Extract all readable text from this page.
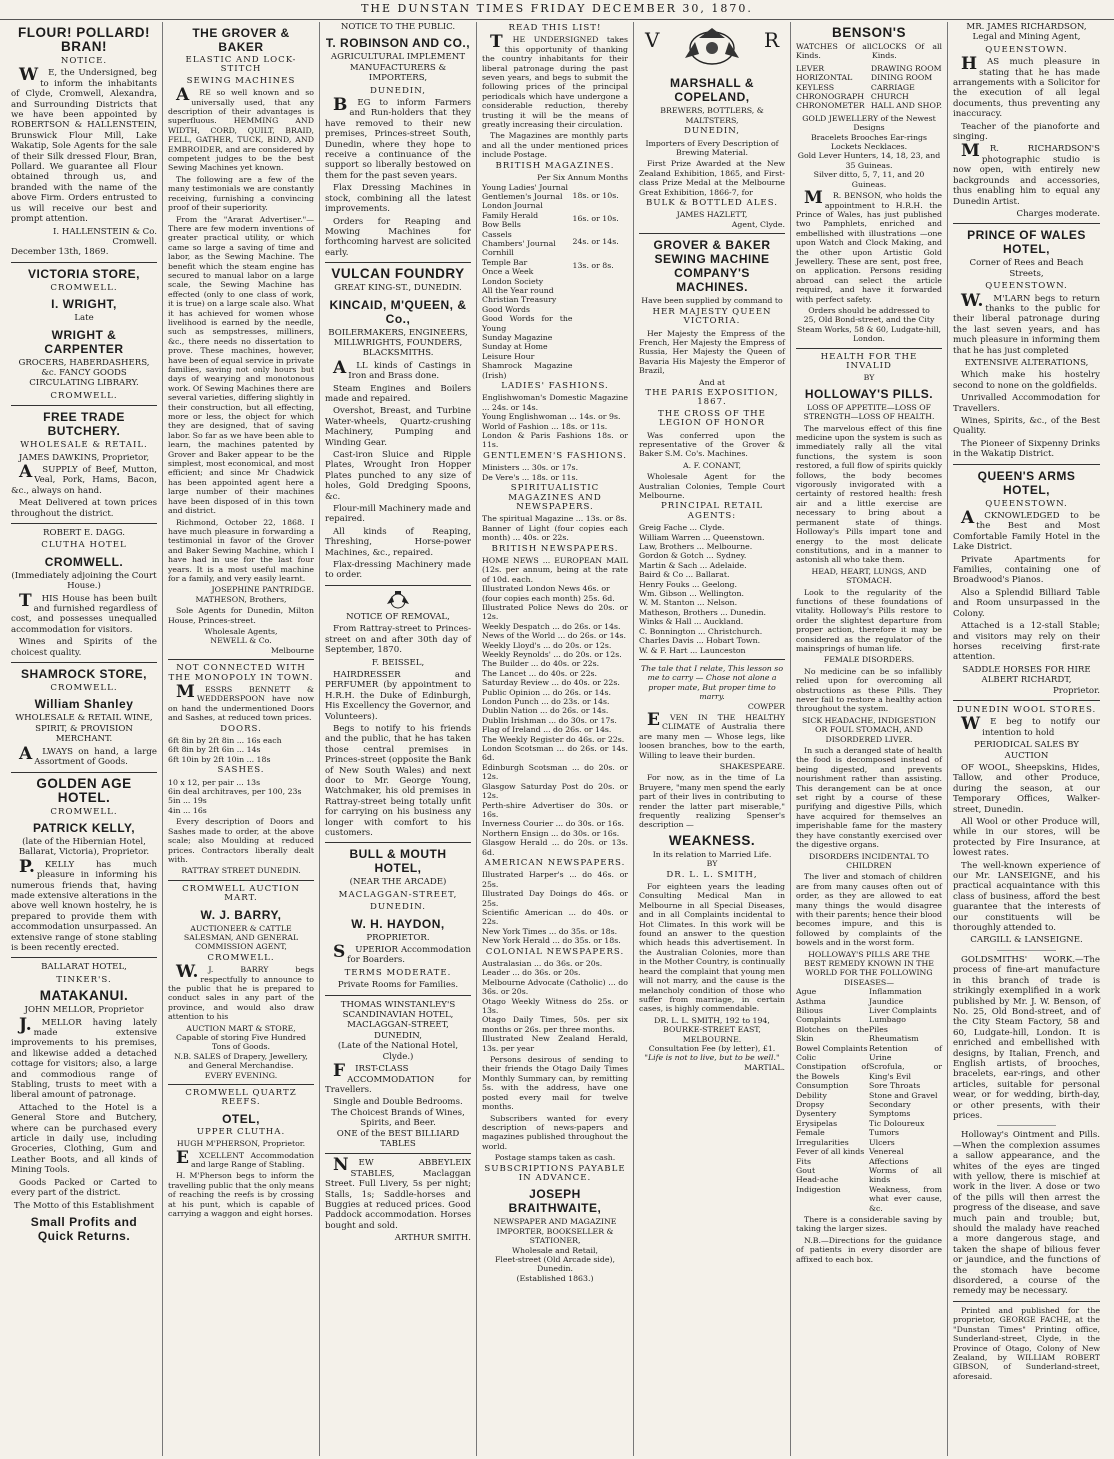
THE DUNSTAN TIMES FRIDAY DECEMBER 30, 1870.
FLOUR! POLLARD! BRAN!
NOTICE.

WE, the Undersigned, beg to inform the inhabitants of Clyde, Cromwell, Alexandra, and Surrounding Districts that we have been appointed by ROBERTSON & HALLENSTEIN, Brunswick Flour Mill, Lake Wakatip, Sole Agents for the sale of their Silk dressed Flour, Bran, Pollard. We guarantee all Flour obtained through us, and branded with the name of the above Firm. Orders entrusted to us will receive our best and prompt attention.

I. HALLENSTEIN & Co. Cromwell.
December 13th, 1869.
VICTORIA STORE,
CROMWELL.
I. WRIGHT,
Late
WRIGHT & CARPENTER
GROCERS, HABERDASHERS, &c. FANCY GOODS
CIRCULATING LIBRARY.
CROMWELL.
FREE TRADE BUTCHERY.
WHOLESALE & RETAIL.
JAMES DAWKINS, Proprietor,

ASUPPLY of Beef, Mutton, Veal, Pork, Hams, Bacon, &c., always on hand.

Meat Delivered at town prices throughout the district.

ROBERT E. DAGG.
CLUTHA HOTEL
CROMWELL.
(Immediately adjoining the Court House.)

THIS House has been built and furnished regardless of cost, and possesses unequalled accommodation for visitors.

Wines and Spirits of the choicest quality.

SHAMROCK STORE,
CROMWELL.
William Shanley
WHOLESALE & RETAIL WINE, SPIRIT, & PROVISION MERCHANT.

ALWAYS on hand, a large Assortment of Goods.

GOLDEN AGE HOTEL.
CROMWELL.
PATRICK KELLY,
(late of the Hibernian Hotel, Ballarat, Victoria), Proprietor.

P.KELLY has much pleasure in informing his numerous friends that, having made extensive alterations in the above well known hostelry, he is prepared to provide them with accommodation unsurpassed. An extensive range of stone stabling is been recently erected.

BALLARAT HOTEL,
TINKER'S.
MATAKANUI.
JOHN MELLOR, Proprietor

J.MELLOR having lately made extensive improvements to his premises, and likewise added a detached cottage for visitors; also, a large and commodious range of Stabling, trusts to meet with a liberal amount of patronage.

Attached to the Hotel is a General Store and Butchery, where can be purchased every article in daily use, including Groceries, Clothing, Gum and Leather Boots, and all kinds of Mining Tools.

Goods Packed or Carted to every part of the district.

The Motto of this Establishment
Small Profits and Quick Returns.
THE GROVER & BAKER
ELASTIC AND LOCK-STITCH
SEWING MACHINES

ARE so well known and so universally used, that any description of their advantages is superfluous. HEMMING AND WIDTH, CORD, QUILT, BRAID, FELL, GATHER, TUCK, BIND, AND EMBROIDER, and are considered by competent judges to be the best Sewing Machines yet known.

The following are a few of the many testimonials we are constantly receiving, furnishing a convincing proof of their superiority.

From the "Ararat Advertiser."—There are few modern inventions of greater practical utility, or which came so large a saving of time and labor, as the Sewing Machine. The benefit which the steam engine has secured to manual labor on a large scale, the Sewing Machine has effected (only to one class of work, it is true) on a large scale also. What it has achieved for women whose livelihood is earned by the needle, such as sempstresses, milliners, &c., there needs no dissertation to prove. These machines, however, have been of equal service in private families, saving not only hours but days of wearying and monotonous work. Of Sewing Machines there are several varieties, differing slightly in their construction, but all effecting, more or less, the object for which they are designed, that of saving labor. So far as we have been able to learn, the machines patented by Grover and Baker appear to be the simplest, most economical, and most efficient; and since Mr Chadwick has been appointed agent here a large number of their machines have been disposed of in this town and district.

Richmond, October 22, 1868. I have much pleasure in forwarding a testimonial in favor of the Grover and Baker Sewing Machine, which I have had in use for the last four years. It is a most useful machine for a family, and very easily learnt.

JOSEPHINE PANTRIDGE.
MATHESON, Brothers,

Sole Agents for Dunedin, Milton House, Princes-street.

Wholesale Agents,
NEWELL & Co.
Melbourne
NOT CONNECTED WITH THE MONOPOLY IN TOWN.

MESSRS BENNETT & WEDDERSPOON have now on hand the undermentioned Doors and Sashes, at reduced town prices.

DOORS.
6ft 8in by 2ft 8in ... 16s each
6ft 8in by 2ft 6in ... 14s
6ft 10in by 2ft 10in ... 18s
SASHES.
10 x 12, per pair ... 13s
6in deal architraves, per 100, 23s
5in ... 19s
4in ... 16s

Every description of Doors and Sashes made to order, at the above scale; also Moulding at reduced prices. Contractors liberally dealt with.

RATTRAY STREET DUNEDIN.
CROMWELL AUCTION MART.
W. J. BARRY,
AUCTIONEER & CATTLE SALESMAN, AND GENERAL COMMISSION AGENT,
CROMWELL.

W.J. BARRY begs respectfully to announce to the public that he is prepared to conduct sales in any part of the province, and would also draw attention to his

AUCTION MART & STORE,
Capable of storing Five Hundred Tons of Goods.
N.B. SALES of Drapery, Jewellery, and General Merchandise.
EVERY EVENING.
CROMWELL QUARTZ REEFS.
OTEL,
UPPER CLUTHA.
HUGH M'PHERSON, Proprietor.

EXCELLENT Accommodation and large Range of Stabling.

H. M'Pherson begs to inform the travelling public that the only means of reaching the reefs is by crossing at his punt, which is capable of carrying a waggon and eight horses.

NOTICE TO THE PUBLIC.
T. ROBINSON AND CO.,
AGRICULTURAL IMPLEMENT MANUFACTURERS & IMPORTERS,
DUNEDIN,

BEG to inform Farmers and Run-holders that they have removed to their new premises, Princes-street South, Dunedin, where they hope to receive a continuance of the support so liberally bestowed on them for the past seven years.

Flax Dressing Machines in stock, combining all the latest improvements.

Orders for Reaping and Mowing Machines for forthcoming harvest are solicited early.

VULCAN FOUNDRY
GREAT KING-ST., DUNEDIN.
KINCAID, M'QUEEN, & Co.,
BOILERMAKERS, ENGINEERS, MILLWRIGHTS, FOUNDERS, BLACKSMITHS.

ALL kinds of Castings in Iron and Brass done.

Steam Engines and Boilers made and repaired.

Overshot, Breast, and Turbine Water-wheels, Quartz-crushing Machinery, Pumping and Winding Gear.

Cast-iron Sluice and Ripple Plates, Wrought Iron Hopper Plates punched to any size of holes, Gold Dredging Spoons, &c.

Flour-mill Machinery made and repaired.

All kinds of Reaping, Threshing, Horse-power Machines, &c., repaired.

Flax-dressing Machinery made to order.

NOTICE OF REMOVAL,

From Rattray-street to Princes-street on and after 30th day of September, 1870.

F. BEISSEL,

HAIRDRESSER and PERFUMER (by appointment to H.R.H. the Duke of Edinburgh, His Excellency the Governor, and Volunteers).

Begs to notify to his friends and the public, that he has taken those central premises in Princes-street (opposite the Bank of New South Wales) and next door to Mr. George Young, Watchmaker, his old premises in Rattray-street being totally unfit for carrying on his business any longer with comfort to his customers.

BULL & MOUTH HOTEL,
(NEAR THE ARCADE)
MACLAGGAN-STREET,
DUNEDIN.
W. H. HAYDON,
PROPRIETOR.

SUPERIOR Accommodation for Boarders.

TERMS MODERATE.
Private Rooms for Families.
THOMAS WINSTANLEY'S
SCANDINAVIAN HOTEL,
MACLAGGAN-STREET, DUNEDIN,
(Late of the National Hotel, Clyde.)

FIRST-CLASS ACCOMMODATION for Travellers.

Single and Double Bedrooms.
The Choicest Brands of Wines, Spirits, and Beer.
ONE of the BEST BILLIARD TABLES

NEW ABBEYLEIX STABLES, Maclaggan Street. Full Livery, 5s per night; Stalls, 1s; Saddle-horses and Buggies at reduced prices. Good Paddock accommodation. Horses bought and sold.

ARTHUR SMITH.
READ THIS LIST!

THE UNDERSIGNED takes this opportunity of thanking the country inhabitants for their liberal patronage during the past seven years, and begs to submit the following prices of the principal periodicals which have undergone a considerable reduction, thereby trusting it will be the means of greatly increasing their circulation.

The Magazines are monthly parts and all the under mentioned prices include Postage.

BRITISH MAGAZINES.
Per Six Annum Months
Young Ladies' Journal
Gentlemen's Journal
London Journal
Family Herald
Bow Bells
Cassels
Chambers' Journal
Cornhill
Temple Bar
Once a Week
London Society
All the Year round
Christian Treasury
Good Words
Good Words for the Young
Sunday Magazine
Sunday at Home
Leisure Hour
Shamrock Magazine (Irish)
18s. or 10s.
16s. or 10s.
24s. or 14s.
13s. or 8s.
LADIES' FASHIONS.
Englishwoman's Domestic Magazine ... 24s. or 14s.
Young Englishwoman ... 14s. or 9s.
World of Fashion ... 18s. or 11s.
London & Paris Fashions 18s. or 11s.
GENTLEMEN'S FASHIONS.
Ministers ... 30s. or 17s.
De Vere's ... 18s. or 11s.
SPIRITUALISTIC MAGAZINES AND NEWSPAPERS.
The spiritual Magazine ... 13s. or 8s.
Banner of Light (four copies each month) ... 40s. or 22s.
BRITISH NEWSPAPERS.
HOME NEWS ... EUROPEAN MAIL (12s. per annum, being at the rate of 10d. each.
Illustrated London News 46s. or
(four copies each month) 25s. 6d.
Illustrated Police News do 20s. or 12s.
Weekly Despatch ... do 26s. or 14s.
News of the World ... do 26s. or 14s.
Weekly Lloyd's ... do 20s. or 12s.
Weekly Reynolds' ... do 20s. or 12s.
The Builder ... do 40s. or 22s.
The Lancet ... do 40s. or 22s.
Saturday Review ... do 40s. or 22s.
Public Opinion ... do 26s. or 14s.
London Punch ... do 23s. or 14s.
Dublin Nation ... do 26s. or 14s.
Dublin Irishman ... do 30s. or 17s.
Flag of Ireland ... do 26s. or 14s.
The Weekly Register do 46s. or 22s.
London Scotsman ... do 26s. or 14s. 6d.
Edinburgh Scotsman ... do 20s. or 12s.
Glasgow Saturday Post do 20s. or 12s.
Perth-shire Advertiser do 30s. or 16s.
Inverness Courier ... do 30s. or 16s.
Northern Ensign ... do 30s. or 16s.
Glasgow Herald ... do 20s. or 13s. 6d.
AMERICAN NEWSPAPERS.
Illustrated Harper's ... do 46s. or 25s.
Illustrated Day Doings do 46s. or 25s.
Scientific American ... do 40s. or 22s.
New York Times ... do 35s. or 18s.
New York Herald ... do 35s. or 18s.
COLONIAL NEWSPAPERS.
Australasian ... do 36s. or 20s.
Leader ... do 36s. or 20s.
Melbourne Advocate (Catholic) ... do 36s. or 20s.
Otago Weekly Witness do 25s. or 13s.
Otago Daily Times, 50s. per six months or 26s. per three months.
Illustrated New Zealand Herald, 13s. per year

Persons desirous of sending to their friends the Otago Daily Times Monthly Summary can, by remitting 5s. with the address, have one posted every mail for twelve months.

Subscribers wanted for every description of news-papers and magazines published throughout the world.

Postage stamps taken as cash.
SUBSCRIPTIONS PAYABLE IN ADVANCE.
JOSEPH BRAITHWAITE,
NEWSPAPER AND MAGAZINE IMPORTER, BOOKSELLER & STATIONER,
Wholesale and Retail,
Fleet-street (Old Arcade side),
Dunedin.
(Established 1863.)
V	R
MARSHALL & COPELAND,
BREWERS, BOTTLERS, & MALTSTERS,
DUNEDIN,
Importers of Every Description of Brewing Material.

First Prize Awarded at the New Zealand Exhibition, 1865, and First-class Prize Medal at the Melbourne Great Exhibition, 1866-7, for

BULK & BOTTLED ALES.
JAMES HAZLETT,
Agent, Clyde.
GROVER & BAKER SEWING MACHINE COMPANY'S MACHINES.
Have been supplied by command to
HER MAJESTY QUEEN VICTORIA.

Her Majesty the Empress of the French, Her Majesty the Empress of Russia, Her Majesty the Queen of Bavaria His Majesty the Emperor of Brazil,

And at
THE PARIS EXPOSITION, 1867.
THE CROSS OF THE LEGION OF HONOR

Was conferred upon the representative of the Grover & Baker S.M. Co's. Machines.

A. F. CONANT,

Wholesale Agent for the Australian Colonies, Temple Court Melbourne.

PRINCIPAL RETAIL AGENTS:
Greig Fache ... Clyde.
William Warren ... Queenstown.
Law, Brothers ... Melbourne.
Gordon & Gotch ... Sydney.
Martin & Sach ... Adelaide.
Baird & Co ... Ballarat.
Henry Fouks ... Geelong.
Wm. Gibson ... Wellington.
W. M. Stanton ... Nelson.
Matheson, Brothers ... Dunedin.
Winks & Hall ... Auckland.
C. Bonnington ... Christchurch.
Charles Davis ... Hobart Town.
W. & F. Hart ... Launceston
The tale that I relate, This lesson so me to carry — Chose not alone a proper mate, But proper time to marry.
COWPER

EVEN IN THE HEALTHY CLIMATE of Australia there are many men — Whose legs, like loosen branches, bow to the earth, Willing to leave their burden.

SHAKESPEARE.

For now, as in the time of La Bruyere, "many men spend the early part of their lives in contributing to render the latter part miserable," frequently realizing Spenser's description —

WEAKNESS.
In its relation to Married Life.
BY
DR. L. L. SMITH,

For eighteen years the leading Consulting Medical Man in Melbourne in all Special Diseases, and in all Complaints incidental to Hot Climates. In this work will be found an answer to the question which heads this advertisement. In the Australian Colonies, more than in the Mother Country, is continually heard the complaint that young men will not marry, and the cause is the melancholy condition of those who suffer from marriage, in certain cases, is highly commendable.

DR. L. L. SMITH, 192 to 194, BOURKE-STREET EAST, MELBOURNE.
Consultation Fee (by letter), £1.
"Life is not to live, but to be well."
MARTIAL.
BENSON'S
WATCHES Of all Kinds.
CLOCKS Of all Kinds.
LEVER
HORIZONTAL
KEYLESS
CHRONOGRAPH
CHRONOMETER
DRAWING ROOM
DINING ROOM
CARRIAGE
CHURCH
HALL AND SHOP.
GOLD JEWELLERY of the Newest Designs
Bracelets Brooches Ear-rings Lockets Necklaces.
Gold Lever Hunters, 14, 18, 23, and 35 Guineas.
Silver ditto, 5, 7, 11, and 20 Guineas.

MR. BENSON, who holds the appointment to H.R.H. the Prince of Wales, has just published two Pamphlets, enriched and embellished with illustrations —one upon Watch and Clock Making, and the other upon Artistic Gold Jewellery. These are sent, post free, on application. Persons residing abroad can select the article required, and have it forwarded with perfect safety.

Orders should be addressed to
25, Old Bond-street, and the City Steam Works, 58 & 60, Ludgate-hill, London.
HEALTH FOR THE INVALID
BY
HOLLOWAY'S PILLS.
LOSS OF APPETITE—LOSS OF STRENGTH—LOSS OF HEALTH.

The marvelous effect of this fine medicine upon the system is such as immediately rally all the vital functions, the system is soon restored, a full flow of spirits quickly follows, the body becomes vigorously invigorated with a certainty of restored health: fresh air and a little exercise are necessary to bring about a permanent state of things. Holloway's Pills impart tone and energy to the most delicate constitutions, and in a manner to astonish all who take them.

HEAD, HEART, LUNGS, AND STOMACH.

Look to the regularity of the functions of these foundations of vitality. Holloway's Pills restore to order the slightest departure from proper action, therefore it may be considered as the regulator of the mainsprings of human life.

FEMALE DISORDERS.

No medicine can be so infallibly relied upon for overcoming all obstructions as these Pills. They never fail to restore a healthy action throughout the system.

SICK HEADACHE, INDIGESTION OR FOUL STOMACH, AND DISORDERED LIVER.

In such a deranged state of health the food is decomposed instead of being digested, and prevents nourishment rather than assisting. This derangement can be at once set right by a course of these purifying and digestive Pills, which have acquired for themselves an imperishable fame for the mastery they have constantly exercised over the digestive organs.

DISORDERS INCIDENTAL TO CHILDREN

The liver and stomach of children are from many causes often out of order, as they are allowed to eat many things the would disagree with their parents; hence their blood becomes impure, and this is followed by complaints of the bowels and in the worst form.

HOLLOWAY'S PILLS ARE THE BEST REMEDY KNOWN IN THE WORLD FOR THE FOLLOWING DISEASES—
Ague
Asthma
Bilious Complaints
Blotches on the Skin
Bowel Complaints
Colic
Constipation of the Bowels
Consumption
Debility
Dropsy
Dysentery
Erysipelas
Female Irregularities
Fever of all kinds
Fits
Gout
Head-ache
Indigestion
Inflammation
Jaundice
Liver Complaints
Lumbago
Piles
Rheumatism
Retention of Urine
Scrofula, or King's Evil
Sore Throats
Stone and Gravel
Secondary Symptoms
Tic Doloureux
Tumors
Ulcers
Venereal Affections
Worms of all kinds
Weakness, from what ever cause, &c.

There is a considerable saving by taking the larger sizes.

N.B.—Directions for the guidance of patients in every disorder are affixed to each box.

MR. JAMES RICHARDSON,
Legal and Mining Agent,
QUEENSTOWN.

HAS much pleasure in stating that he has made arrangements with a Solicitor for the execution of all legal documents, thus preventing any inaccuracy.

Teacher of the pianoforte and singing.

MR. RICHARDSON'S photographic studio is now open, with entirely new backgrounds and accessories, thus enabling him to equal any Dunedin Artist.

Charges moderate.
PRINCE OF WALES HOTEL,
Corner of Rees and Beach Streets,
QUEENSTOWN.

W.M'LARN begs to return thanks to the public for their liberal patronage during the last seven years, and has much pleasure in informing them that he has just completed

EXTENSIVE ALTERATIONS,

Which make his hostelry second to none on the goldfields.

Unrivalled Accommodation for Travellers.

Wines, Spirits, &c., of the Best Quality.

The Pioneer of Sixpenny Drinks in the Wakatip District.

QUEEN'S ARMS HOTEL,
QUEENSTOWN.

ACKNOWLEDGED to be the Best and Most Comfortable Family Hotel in the Lake District.

Private Apartments for Families, containing one of Broadwood's Pianos.

Also a Splendid Billiard Table and Room unsurpassed in the Colony.

Attached is a 12-stall Stable; and visitors may rely on their horses receiving first-rate attention.

SADDLE HORSES FOR HIRE
ALBERT RICHARDT,
Proprietor.
DUNEDIN WOOL STORES.

WE beg to notify our intention to hold

PERIODICAL SALES BY AUCTION

OF WOOL, Sheepskins, Hides, Tallow, and other Produce, during the season, at our Temporary Offices, Walker-street, Dunedin.

All Wool or other Produce will, while in our stores, will be protected by Fire Insurance, at lowest rates.

The well-known experience of our Mr. LANSEIGNE, and his practical acquaintance with this class of business, afford the best guarantee that the interests of our constituents will be thoroughly attended to.

CARGILL & LANSEIGNE.

GOLDSMITHS' WORK.—The process of fine-art manufacture in this branch of trade is strikingly exemplified in a work published by Mr. J. W. Benson, of No. 25, Old Bond-street, and of the City Steam Factory, 58 and 60, Ludgate-hill, London. It is enriched and embellished with designs, by Italian, French, and English artists, of brooches, bracelets, ear-rings, and other articles, suitable for personal wear, or for wedding, birth-day, or other presents, with their prices.

Holloway's Ointment and Pills.—When the complexion assumes a sallow appearance, and the whites of the eyes are tinged with yellow, there is mischief at work in the liver. A dose or two of the pills will then arrest the progress of the disease, and save much pain and trouble; but, should the malady have reached a more dangerous stage, and taken the shape of bilious fever or jaundice, and the functions of the stomach have become disordered, a course of the remedy may be necessary.

Printed and published for the proprietor, GEORGE FACHE, at the "Dunstan Times" Printing office, Sunderland-street, Clyde, in the Province of Otago, Colony of New Zealand, by WILLIAM ROBERT GIBSON, of Sunderland-street, aforesaid.
